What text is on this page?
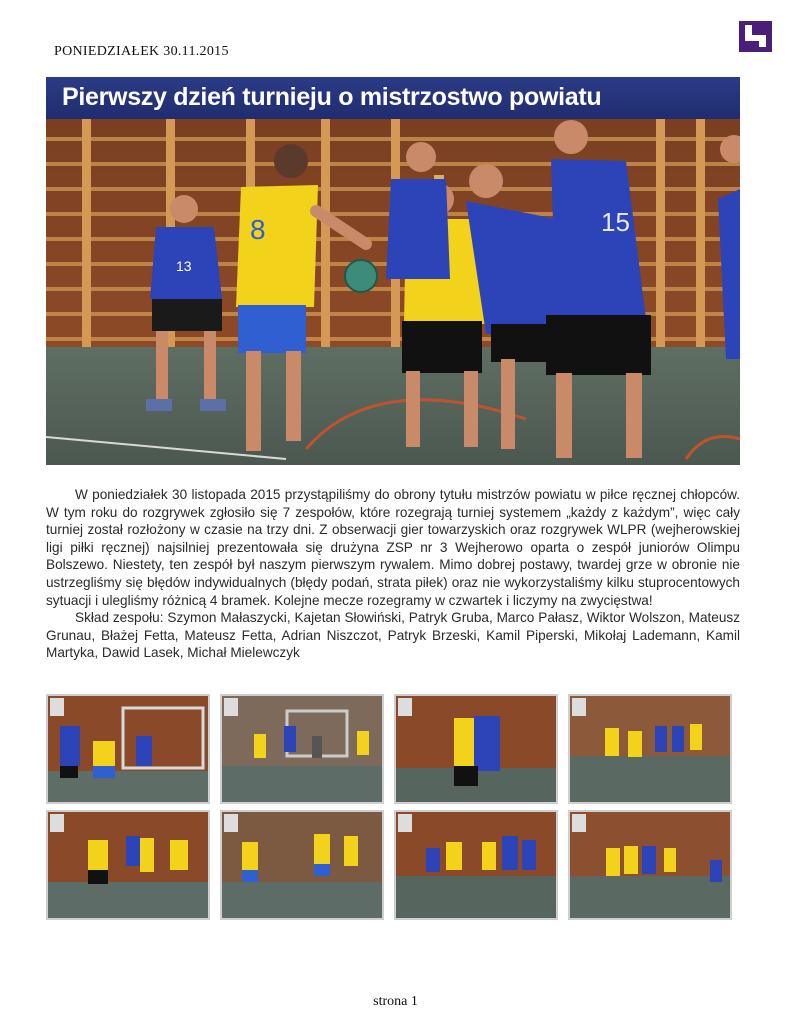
PONIEDZIAŁEK 30.11.2015
Pierwszy dzień turnieju o mistrzostwo powiatu
13
8	15

W poniedziałek 30 listopada 2015 przystąpiliśmy do obrony tytułu mistrzów powiatu w piłce ręcznej chłopców. W tym roku do rozgrywek zgłosiło się 7 zespołów, które rozegrają turniej systemem „każdy z każdym”, więc cały turniej został rozłożony w czasie na trzy dni. Z obserwacji gier towarzyskich oraz rozgrywek WLPR (wejherowskiej ligi piłki ręcznej) najsilniej prezentowała się drużyna ZSP nr 3 Wejherowo oparta o zespół juniorów Olimpu Bolszewo. Niestety, ten zespół był naszym pierwszym rywalem. Mimo dobrej postawy, twardej grze w obronie nie ustrzegliśmy się błędów indywidualnych (błędy podań, strata piłek) oraz nie wykorzystaliśmy kilku stuprocentowych sytuacji i ulegliśmy różnicą 4 bramek. Kolejne mecze rozegramy w czwartek i liczymy na zwycięstwa!

Skład zespołu: Szymon Małaszycki, Kajetan Słowiński, Patryk Gruba, Marco Pałasz, Wiktor Wolszon, Mateusz Grunau, Błażej Fetta, Mateusz Fetta, Adrian Niszczot, Patryk Brzeski, Kamil Piperski, Mikołaj Lademann, Kamil Martyka, Dawid Lasek, Michał Mielewczyk

strona 1
